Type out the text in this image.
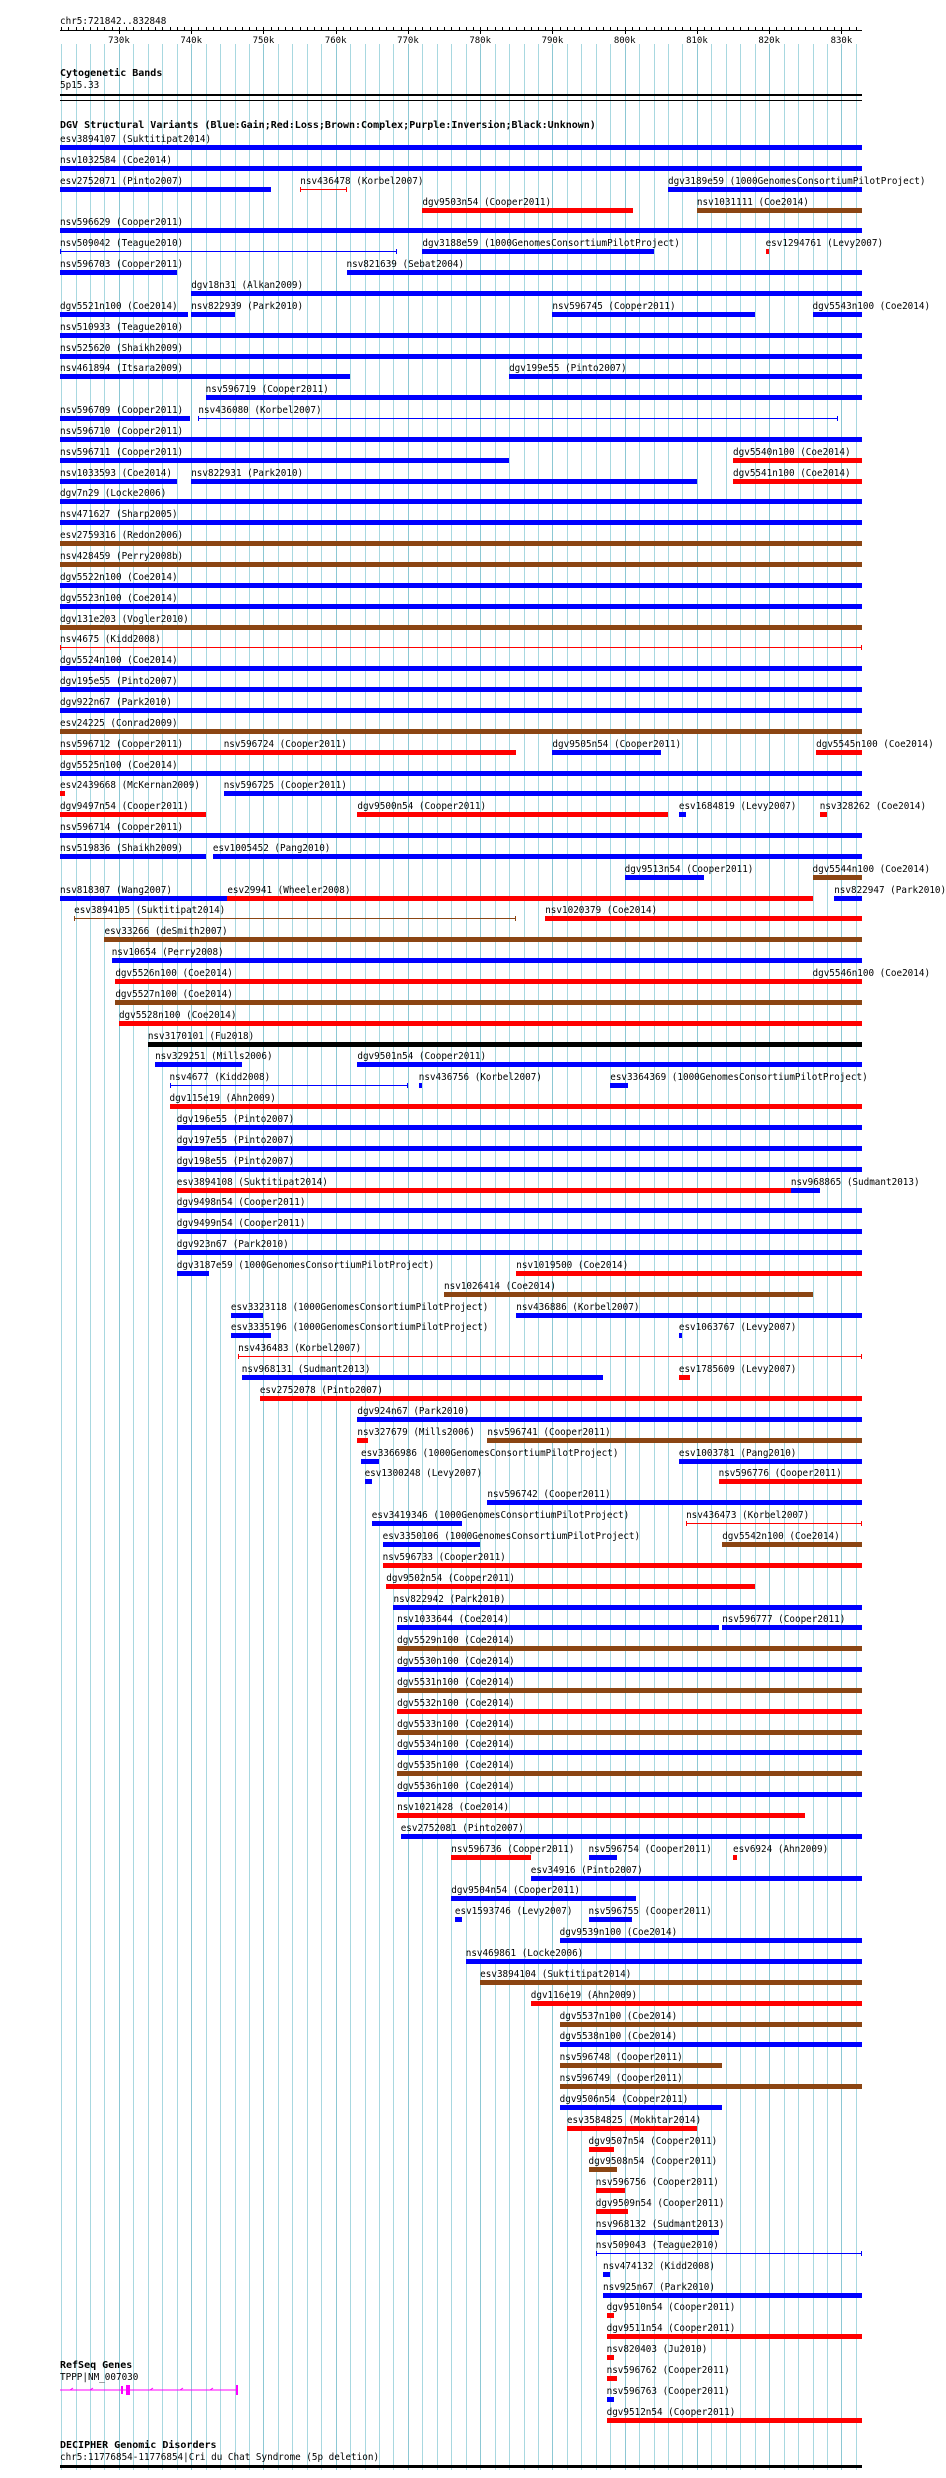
chr5:721842..832848
730k	740k	750k	760k	770k	780k	790k	800k	810k	820k	830k
Cytogenetic Bands
5p15.33
DGV Structural Variants (Blue:Gain;Red:Loss;Brown:Complex;Purple:Inversion;Black:Unknown)
esv3894107 (Suktitipat2014)
nsv1032584 (Coe2014)
esv2752071 (Pinto2007)	nsv436478 (Korbel2007)
dgv9503n54 (Cooper2011)
dgv3189e59 (1000GenomesConsortiumPilotProject)
nsv596629 (Cooper2011)
nsv509042 (Teague2010)	dgv3188e59 (1000GenomesConsortiumPilotProject)
nsv1031111 (Coe2014)
nsv596703 (Cooper2011)
dgv18n31 (Alkan2009)
dgv5521n100 (Coe2014) nsv822939 (Park2010)
nsv821639 (Sebat2004)
nsv510933 (Teague2010)
nsv525620 (Shaikh2009)
nsv461894 (Itsara2009)
nsv596719 (Cooper2011)
nsv596745 (Cooper2011)
esv1294761 (Levy2007)
nsv596709 (Cooper2011) nsv436080 (Korbel2007)
nsv596710 (Cooper2011)
dgv199e55 (Pinto2007)
nsv596711 (Cooper2011)
nsv1033593 (Coe2014) nsv822931 (Park2010)
dgv5540n100 (Coe2014)
dgv7n29 (Locke2006)
nsv471627 (Sharp2005)
esv2759316 (Redon2006)
nsv428459 (Perry2008b)
dgv5522n100 (Coe2014)
dgv5523n100 (Coe2014)
dgv131e203 (Vogler2010)
nsv4675 (Kidd2008)
dgv5524n100 (Coe2014)
dgv195e55 (Pinto2007)
dgv922n67 (Park2010)
esv24225 (Conrad2009)
nsv596712 (Cooper2011)	nsv596724 (Cooper2011)	dgv9505n54 (Cooper2011)
dgv5541n100 (Coe2014)
dgv5525n100 (Coe2014)
esv2439668 (McKernan2009)	nsv596725 (Cooper2011)
dgv9497n54 (Cooper2011)	dgv9500n54 (Cooper2011)	esv1684819 (Levy2007)
dgv5543n100 (Coe2014)
nsv596714 (Cooper2011)
nsv519836 (Shaikh2009)	esv1005452 (Pang2010)
dgv9513n54 (Cooper2011)
nsv818307 (Wang2007)	esv29941 (Wheeler2008)
dgv5545n100 (Coe2014)
esv3894105 (Suktitipat2014)
esv33266 (deSmith2007)
nsv10654 (Perry2008)
dgv5526n100 (Coe2014)
nsv328262 (Coe2014)
dgv5527n100 (Coe2014)
dgv5528n100 (Coe2014)
nsv3170101 (Fu2018)
nsv329251 (Mills2006)	dgv9501n54 (Cooper2011)
nsv4677 (Kidd2008)	nsv436756 (Korbel2007)
nsv1020379 (Coe2014)
dgv115e19 (Ahn2009)
dgv196e55 (Pinto2007)
dgv197e55 (Pinto2007)
dgv198e55 (Pinto2007)
esv3894108 (Suktitipat2014)
dgv5544n100 (Coe2014)
dgv9498n54 (Cooper2011)
dgv9499n54 (Cooper2011)
dgv923n67 (Park2010)
dgv3187e59 (1000GenomesConsortiumPilotProject)
nsv1026414 (Coe2014)
nsv822947 (Park2010)
esv3323118 (1000GenomesConsortiumPilotProject)
nsv1019500 (Coe2014)
esv3335196 (1000GenomesConsortiumPilotProject)
nsv436886 (Korbel2007)
nsv436483 (Korbel2007)
dgv5546n100 (Coe2014)
nsv968131 (Sudmant2013)
esv3364369 (1000GenomesConsortiumPilotProject)
esv2752078 (Pinto2007)
dgv924n67 (Park2010)
nsv327679 (Mills2006) nsv596741 (Cooper2011)
esv3366986 (1000GenomesConsortiumPilotProject)
esv1063767 (Levy2007)
esv1300248 (Levy2007)
nsv596742 (Cooper2011)
esv3419346 (1000GenomesConsortiumPilotProject)
esv1785609 (Levy2007)
esv3350106 (1000GenomesConsortiumPilotProject)
esv1003781 (Pang2010)
nsv596733 (Cooper2011)
dgv9502n54 (Cooper2011)
nsv968865 (Sudmant2013)
nsv822942 (Park2010)
nsv1033644 (Coe2014)
nsv596776 (Cooper2011)
dgv5529n100 (Coe2014)
dgv5530n100 (Coe2014)
dgv5531n100 (Coe2014)
dgv5532n100 (Coe2014)
dgv5533n100 (Coe2014)
dgv5534n100 (Coe2014)
dgv5535n100 (Coe2014)
dgv5536n100 (Coe2014)
nsv1021428 (Coe2014)
esv2752081 (Pinto2007)
nsv596736 (Cooper2011)
esv34916 (Pinto2007)
dgv9504n54 (Cooper2011)
nsv436473 (Korbel2007)
esv1593746 (Levy2007)
dgv9539n100 (Coe2014)
nsv469861 (Locke2006)
esv3894104 (Suktitipat2014)
dgv116e19 (Ahn2009)
dgv5537n100 (Coe2014)
dgv5538n100 (Coe2014)
nsv596748 (Cooper2011)
dgv5542n100 (Coe2014)
nsv596749 (Cooper2011)
dgv9506n54 (Cooper2011)
nsv596777 (Cooper2011)
esv3584825 (Mokhtar2014)
nsv596754 (Cooper2011)
nsv596755 (Cooper2011)
dgv9507n54 (Cooper2011)
dgv9508n54 (Cooper2011)
nsv596756 (Cooper2011)
dgv9509n54 (Cooper2011)
nsv968132 (Sudmant2013)
nsv509043 (Teague2010)
nsv474132 (Kidd2008)
nsv925n67 (Park2010)
dgv9510n54 (Cooper2011)
dgv9511n54 (Cooper2011)
nsv820403 (Ju2010)
nsv596762 (Cooper2011)
nsv596763 (Cooper2011)
dgv9512n54 (Cooper2011)
esv6924 (Ahn2009)
RefSeq Genes
TPPP|NM_007030
DECIPHER Genomic Disorders
chr5:11776854-11776854|Cri du Chat Syndrome (5p deletion)
